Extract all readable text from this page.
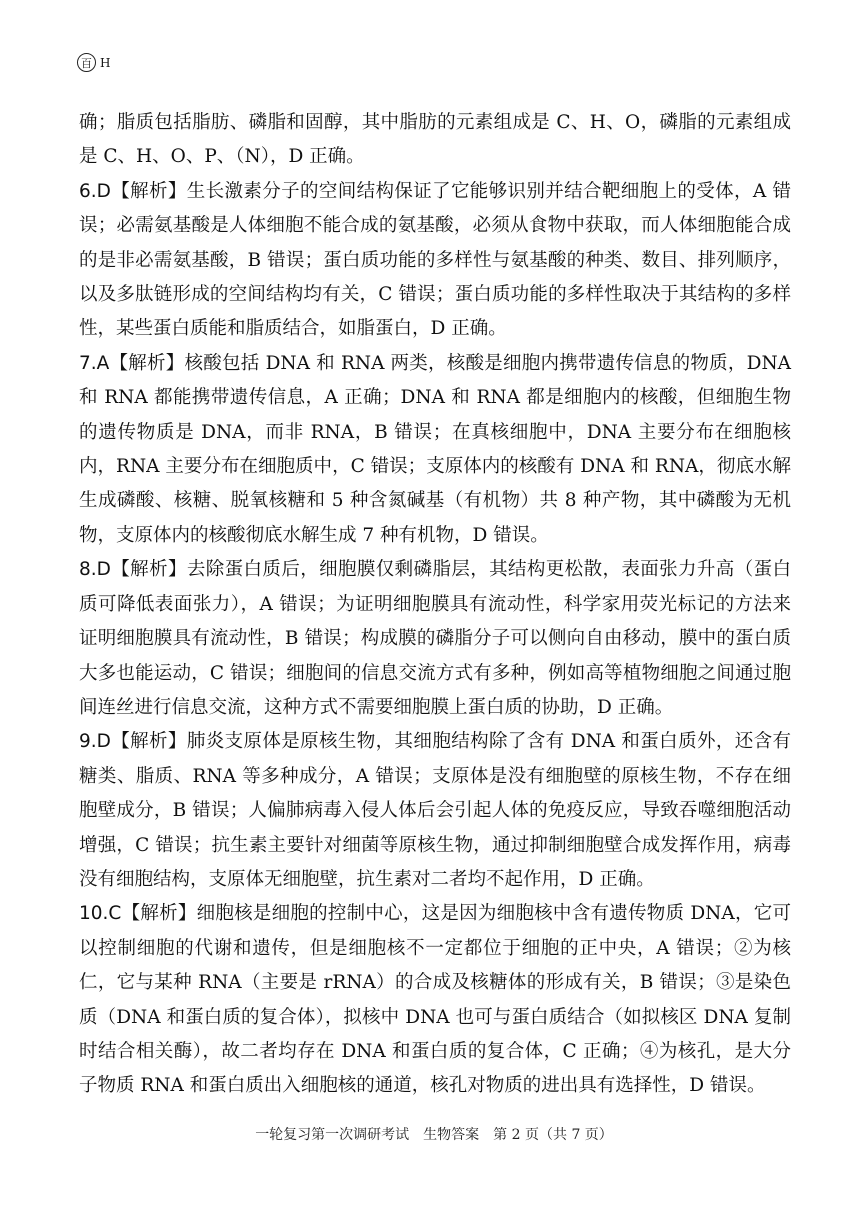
百 H

确；脂质包括脂肪、磷脂和固醇，其中脂肪的元素组成是 C、H、O，磷脂的元素组成是 C、H、O、P、（N），D 正确。

6.D【解析】生长激素分子的空间结构保证了它能够识别并结合靶细胞上的受体，A 错误；必需氨基酸是人体细胞不能合成的氨基酸，必须从食物中获取，而人体细胞能合成的是非必需氨基酸，B 错误；蛋白质功能的多样性与氨基酸的种类、数目、排列顺序，以及多肽链形成的空间结构均有关，C 错误；蛋白质功能的多样性取决于其结构的多样性，某些蛋白质能和脂质结合，如脂蛋白，D 正确。

7.A【解析】核酸包括 DNA 和 RNA 两类，核酸是细胞内携带遗传信息的物质，DNA 和 RNA 都能携带遗传信息，A 正确；DNA 和 RNA 都是细胞内的核酸，但细胞生物的遗传物质是 DNA，而非 RNA，B 错误；在真核细胞中，DNA 主要分布在细胞核内，RNA 主要分布在细胞质中，C 错误；支原体内的核酸有 DNA 和 RNA，彻底水解生成磷酸、核糖、脱氧核糖和 5 种含氮碱基（有机物）共 8 种产物，其中磷酸为无机物，支原体内的核酸彻底水解生成 7 种有机物，D 错误。

8.D【解析】去除蛋白质后，细胞膜仅剩磷脂层，其结构更松散，表面张力升高（蛋白质可降低表面张力），A 错误；为证明细胞膜具有流动性，科学家用荧光标记的方法来证明细胞膜具有流动性，B 错误；构成膜的磷脂分子可以侧向自由移动，膜中的蛋白质大多也能运动，C 错误；细胞间的信息交流方式有多种，例如高等植物细胞之间通过胞间连丝进行信息交流，这种方式不需要细胞膜上蛋白质的协助，D 正确。

9.D【解析】肺炎支原体是原核生物，其细胞结构除了含有 DNA 和蛋白质外，还含有糖类、脂质、RNA 等多种成分，A 错误；支原体是没有细胞壁的原核生物，不存在细胞壁成分，B 错误；人偏肺病毒入侵人体后会引起人体的免疫反应，导致吞噬细胞活动增强，C 错误；抗生素主要针对细菌等原核生物，通过抑制细胞壁合成发挥作用，病毒没有细胞结构，支原体无细胞壁，抗生素对二者均不起作用，D 正确。

10.C【解析】细胞核是细胞的控制中心，这是因为细胞核中含有遗传物质 DNA，它可以控制细胞的代谢和遗传，但是细胞核不一定都位于细胞的正中央，A 错误；②为核仁，它与某种 RNA（主要是 rRNA）的合成及核糖体的形成有关，B 错误；③是染色质（DNA 和蛋白质的复合体），拟核中 DNA 也可与蛋白质结合（如拟核区 DNA 复制时结合相关酶），故二者均存在 DNA 和蛋白质的复合体，C 正确；④为核孔，是大分子物质 RNA 和蛋白质出入细胞核的通道，核孔对物质的进出具有选择性，D 错误。

一轮复习第一次调研考试　生物答案　第 2 页（共 7 页）
